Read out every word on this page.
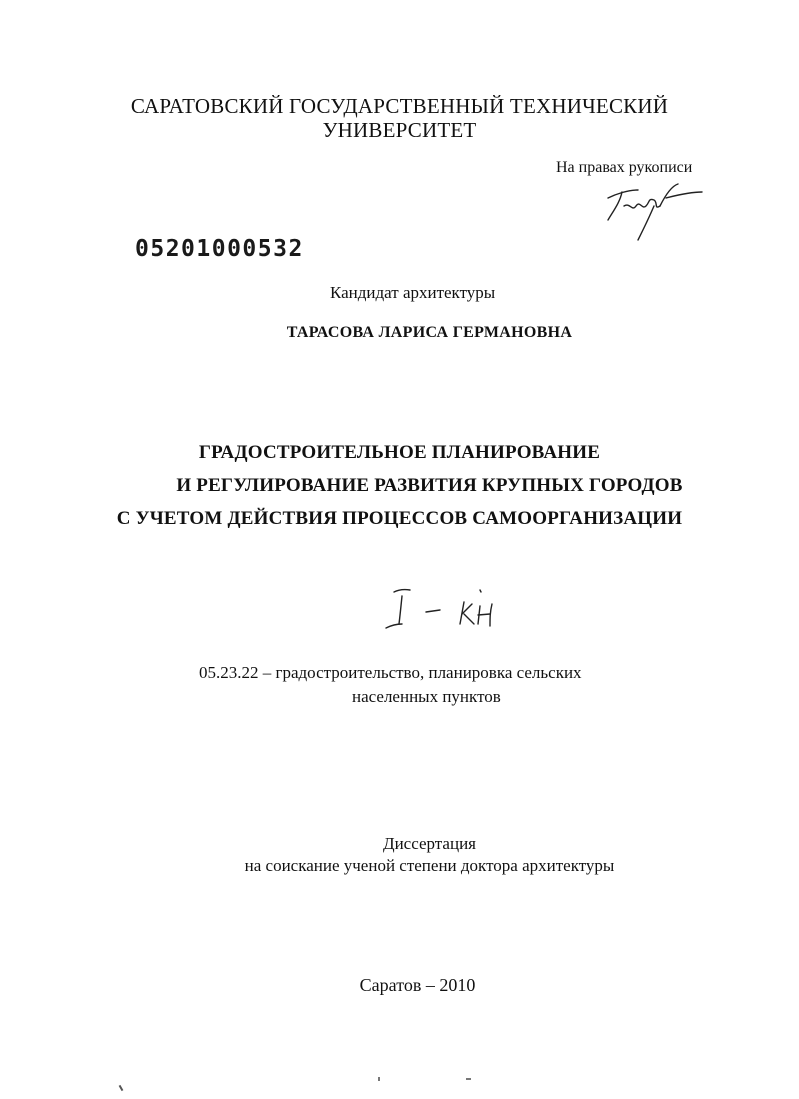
САРАТОВСКИЙ ГОСУДАРСТВЕННЫЙ ТЕХНИЧЕСКИЙ
УНИВЕРСИТЕТ
На правах рукописи
05201000532
Кандидат архитектуры
ТАРАСОВА ЛАРИСА ГЕРМАНОВНА
ГРАДОСТРОИТЕЛЬНОЕ ПЛАНИРОВАНИЕ
И РЕГУЛИРОВАНИЕ РАЗВИТИЯ КРУПНЫХ ГОРОДОВ
С УЧЕТОМ ДЕЙСТВИЯ ПРОЦЕССОВ САМООРГАНИЗАЦИИ
05.23.22 – градостроительство, планировка сельских
населенных пунктов
Диссертация
на соискание ученой степени доктора архитектуры
Саратов – 2010
